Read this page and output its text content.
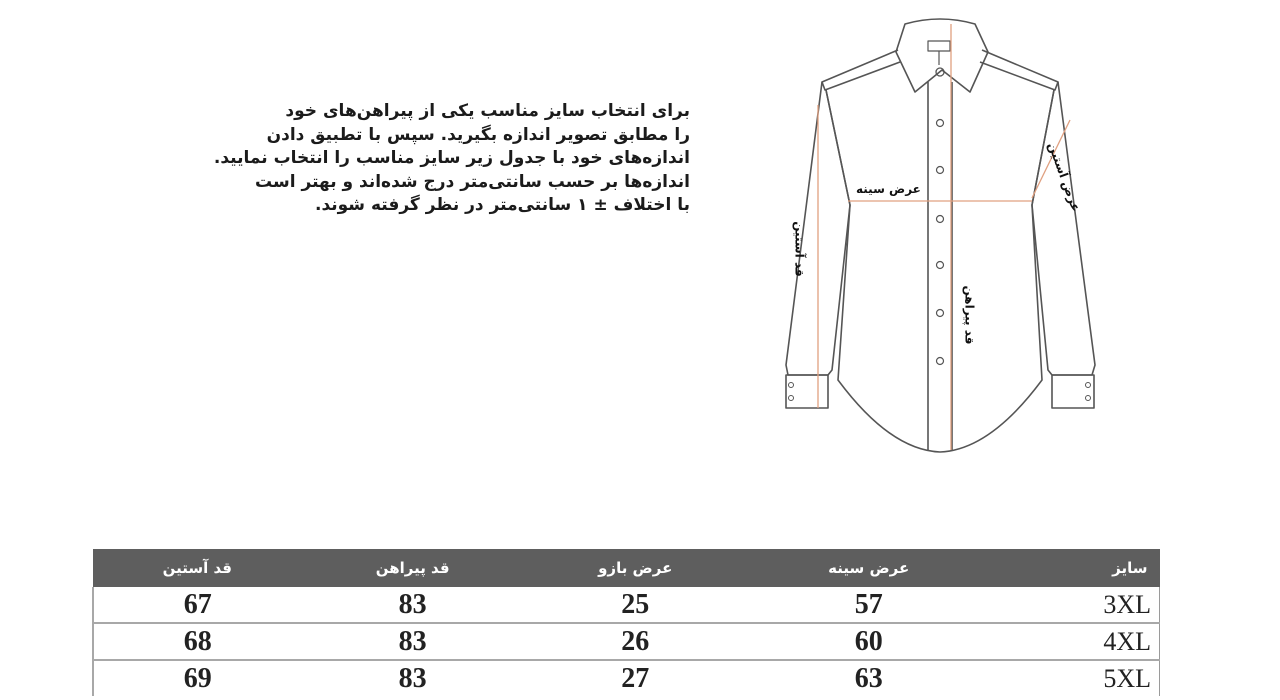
برای انتخاب سایز مناسب یکی از پیراهن‌های خود
را مطابق تصویر اندازه بگیرید. سپس با تطبیق دادن
اندازه‌های خود با جدول زیر سایز مناسب را انتخاب نمایید.
اندازه‌ها بر حسب سانتی‌متر درج شده‌اند و بهتر است
با اختلاف ± ۱ سانتی‌متر در نظر گرفته شوند.
عرض سینه	عرض آستین
قد آستین
قد پیراهن
سایز	عرض سینه	عرض بازو	قد پیراهن	قد آستین
3XL	57	25	83	67
4XL	60	26	83	68
5XL	63	27	83	69
